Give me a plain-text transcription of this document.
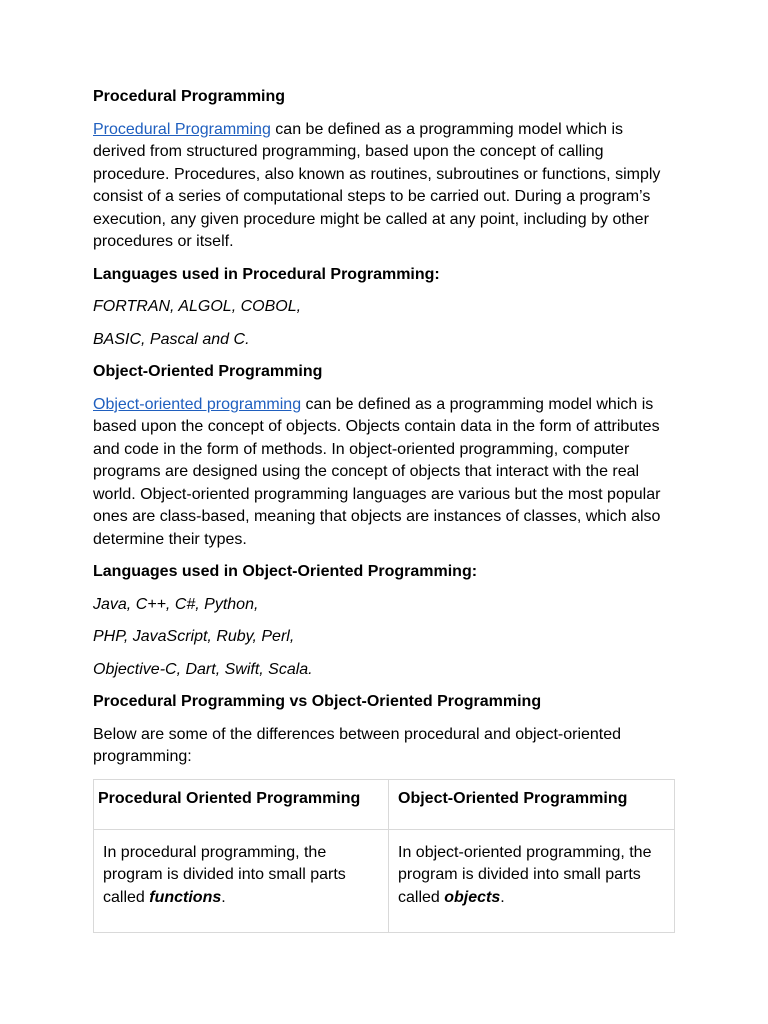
Procedural Programming

Procedural Programming can be defined as a programming model which is derived from structured programming, based upon the concept of calling procedure. Procedures, also known as routines, subroutines or functions, simply consist of a series of computational steps to be carried out. During a program’s execution, any given procedure might be called at any point, including by other procedures or itself.

Languages used in Procedural Programming:

FORTRAN, ALGOL, COBOL,

BASIC, Pascal and C.

Object-Oriented Programming

Object-oriented programming can be defined as a programming model which is based upon the concept of objects. Objects contain data in the form of attributes and code in the form of methods. In object-oriented programming, computer programs are designed using the concept of objects that interact with the real world. Object-oriented programming languages are various but the most popular ones are class-based, meaning that objects are instances of classes, which also determine their types.

Languages used in Object-Oriented Programming:

Java, C++, C#, Python,

PHP, JavaScript, Ruby, Perl,

Objective-C, Dart, Swift, Scala.

Procedural Programming vs Object-Oriented Programming

Below are some of the differences between procedural and object-oriented programming:

Procedural Oriented Programming	Object-Oriented Programming
In procedural programming, the program is divided into small parts called functions.	In object-oriented programming, the program is divided into small parts called objects.
